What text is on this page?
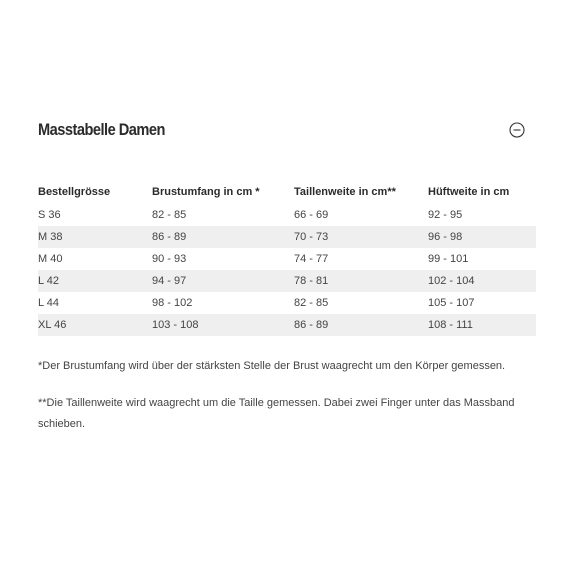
Masstabelle Damen
Bestellgrösse	Brustumfang in cm *	Taillenweite in cm**	Hüftweite in cm
S 36	82 - 85	66 - 69	92 - 95
M 38	86 - 89	70 - 73	96 - 98
M 40	90 - 93	74 - 77	99 - 101
L 42	94 - 97	78 - 81	102 - 104
L 44	98 - 102	82 - 85	105 - 107
XL 46	103 - 108	86 - 89	108 - 111

*Der Brustumfang wird über der stärksten Stelle der Brust waagrecht um den Körper gemessen.

**Die Taillenweite wird waagrecht um die Taille gemessen. Dabei zwei Finger unter das Massband schieben.
